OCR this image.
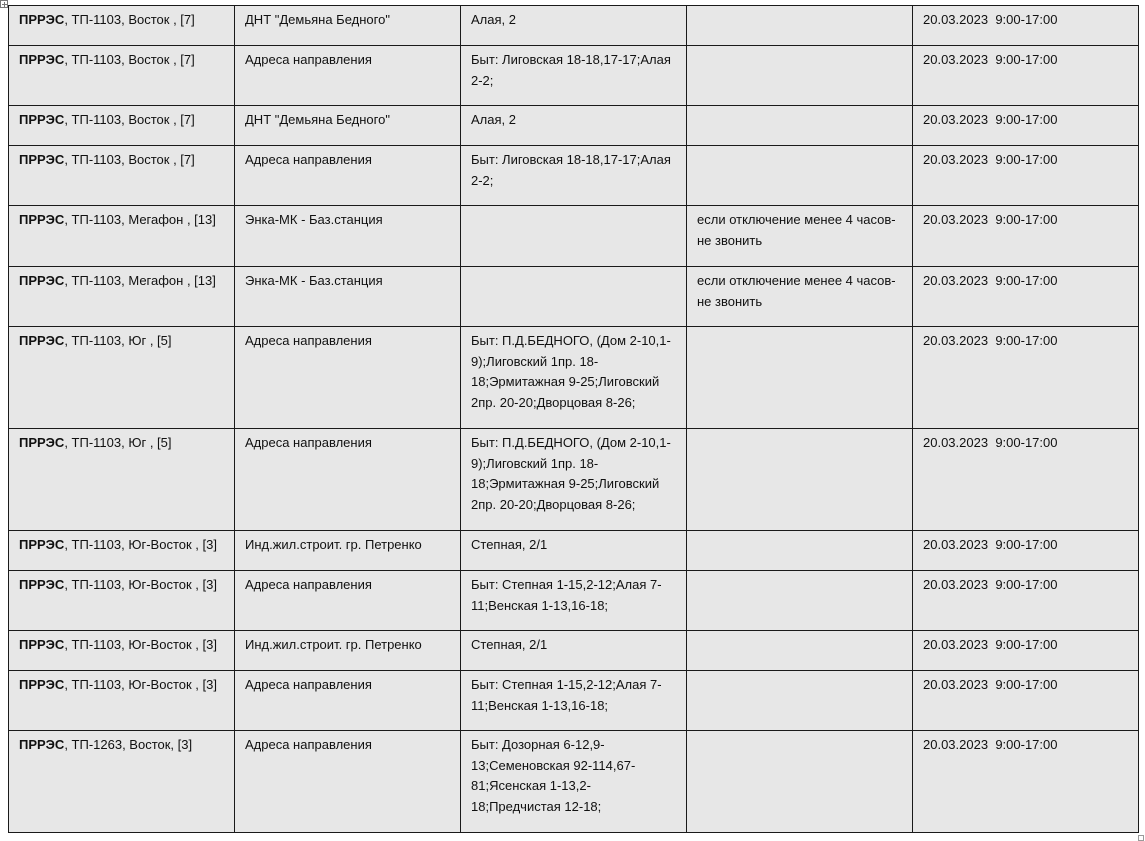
ПРРЭС, ТП-1103, Восток , [7]	ДНТ "Демьяна Бедного"	Алая, 2		20.03.2023 9:00-17:00
ПРРЭС, ТП-1103, Восток , [7]	Адреса направления	Быт: Лиговская 18-18,17-17;Алая 2-2;		20.03.2023 9:00-17:00
ПРРЭС, ТП-1103, Восток , [7]	ДНТ "Демьяна Бедного"	Алая, 2		20.03.2023 9:00-17:00
ПРРЭС, ТП-1103, Восток , [7]	Адреса направления	Быт: Лиговская 18-18,17-17;Алая 2-2;		20.03.2023 9:00-17:00
ПРРЭС, ТП-1103, Мегафон , [13]	Энка-МК - Баз.станция		если отключение менее 4 часов-не звонить	20.03.2023 9:00-17:00
ПРРЭС, ТП-1103, Мегафон , [13]	Энка-МК - Баз.станция		если отключение менее 4 часов-не звонить	20.03.2023 9:00-17:00
ПРРЭС, ТП-1103, Юг , [5]	Адреса направления	Быт: П.Д.БЕДНОГО, (Дом 2-10,1-9);Лиговский 1пр. 18-18;Эрмитажная 9-25;Лиговский 2пр. 20-20;Дворцовая 8-26;		20.03.2023 9:00-17:00
ПРРЭС, ТП-1103, Юг , [5]	Адреса направления	Быт: П.Д.БЕДНОГО, (Дом 2-10,1-9);Лиговский 1пр. 18-18;Эрмитажная 9-25;Лиговский 2пр. 20-20;Дворцовая 8-26;		20.03.2023 9:00-17:00
ПРРЭС, ТП-1103, Юг-Восток , [3]	Инд.жил.строит. гр. Петренко	Степная, 2/1		20.03.2023 9:00-17:00
ПРРЭС, ТП-1103, Юг-Восток , [3]	Адреса направления	Быт: Степная 1-15,2-12;Алая 7-11;Венская 1-13,16-18;		20.03.2023 9:00-17:00
ПРРЭС, ТП-1103, Юг-Восток , [3]	Инд.жил.строит. гр. Петренко	Степная, 2/1		20.03.2023 9:00-17:00
ПРРЭС, ТП-1103, Юг-Восток , [3]	Адреса направления	Быт: Степная 1-15,2-12;Алая 7-11;Венская 1-13,16-18;		20.03.2023 9:00-17:00
ПРРЭС, ТП-1263, Восток, [3]	Адреса направления	Быт: Дозорная 6-12,9-13;Семеновская 92-114,67-81;Ясенская 1-13,2-18;Предчистая 12-18;		20.03.2023 9:00-17:00
